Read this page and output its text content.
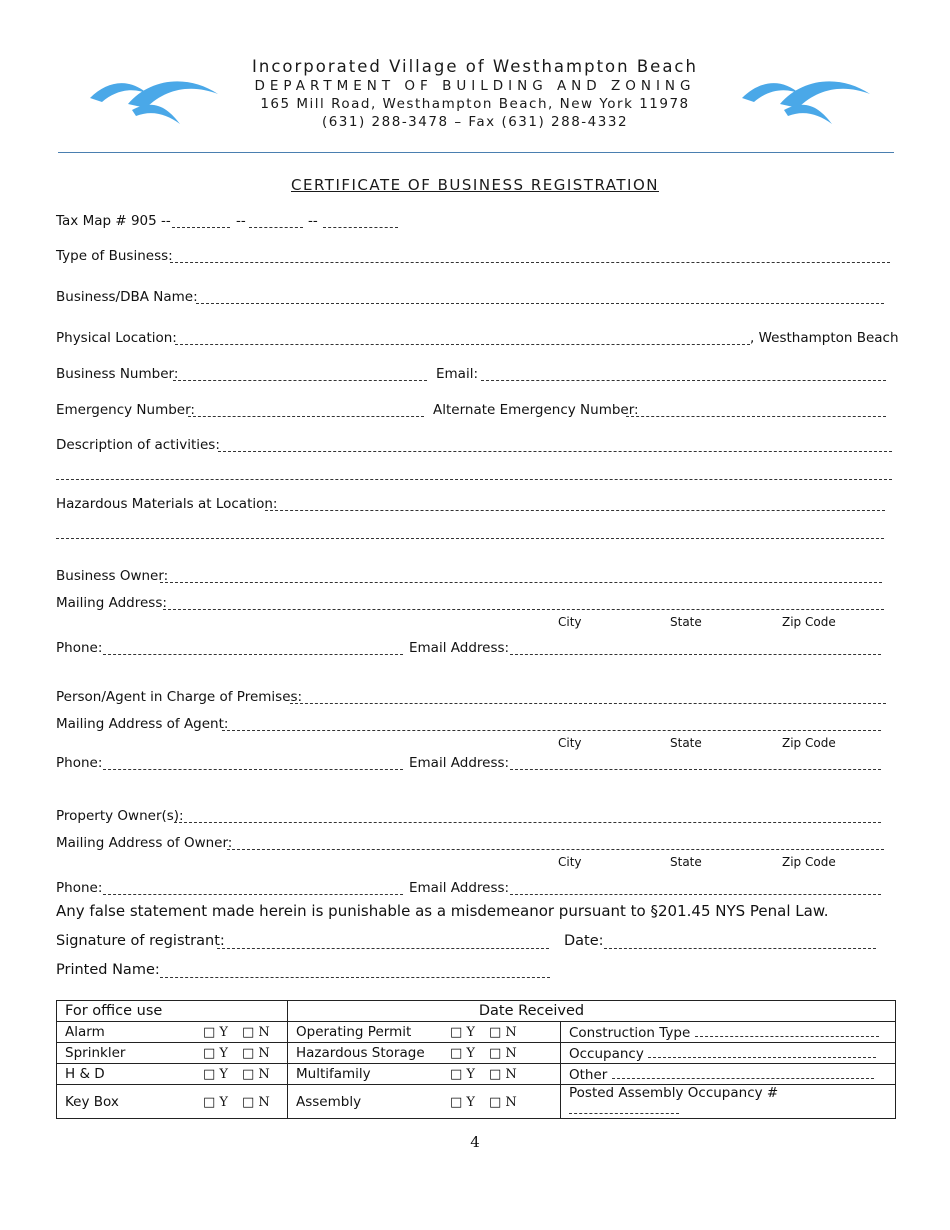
Incorporated Village of Westhampton Beach
DEPARTMENT OF BUILDING AND ZONING
165 Mill Road, Westhampton Beach, New York 11978
(631) 288-3478 – Fax (631) 288-4332
CERTIFICATE OF BUSINESS REGISTRATION
Tax Map # 905 --	--	--
Type of Business:
Business/DBA Name:
Physical Location:	, Westhampton Beach
Business Number:	Email:
Emergency Number:	Alternate Emergency Number:
Description of activities:
Hazardous Materials at Location:
Business Owner:
Mailing Address:
City	State	Zip Code
Phone:	Email Address:
Person/Agent in Charge of Premises:
Mailing Address of Agent:
City	State	Zip Code
Phone:	Email Address:
Property Owner(s):
Mailing Address of Owner:
City	State	Zip Code
Phone:	Email Address:
Any false statement made herein is punishable as a misdemeanor pursuant to §201.45 NYS Penal Law.
Signature of registrant:	Date:
Printed Name:
For office use	Date Received	
Alarm □ Y □ N	Operating Permit □ Y □ N	Construction Type
Sprinkler □ Y □ N	Hazardous Storage □ Y □ N	Occupancy
H & D □ Y □ N	Multifamily □ Y □ N	Other
Key Box □ Y □ N	Assembly □ Y □ N	Posted Assembly Occupancy #
4
